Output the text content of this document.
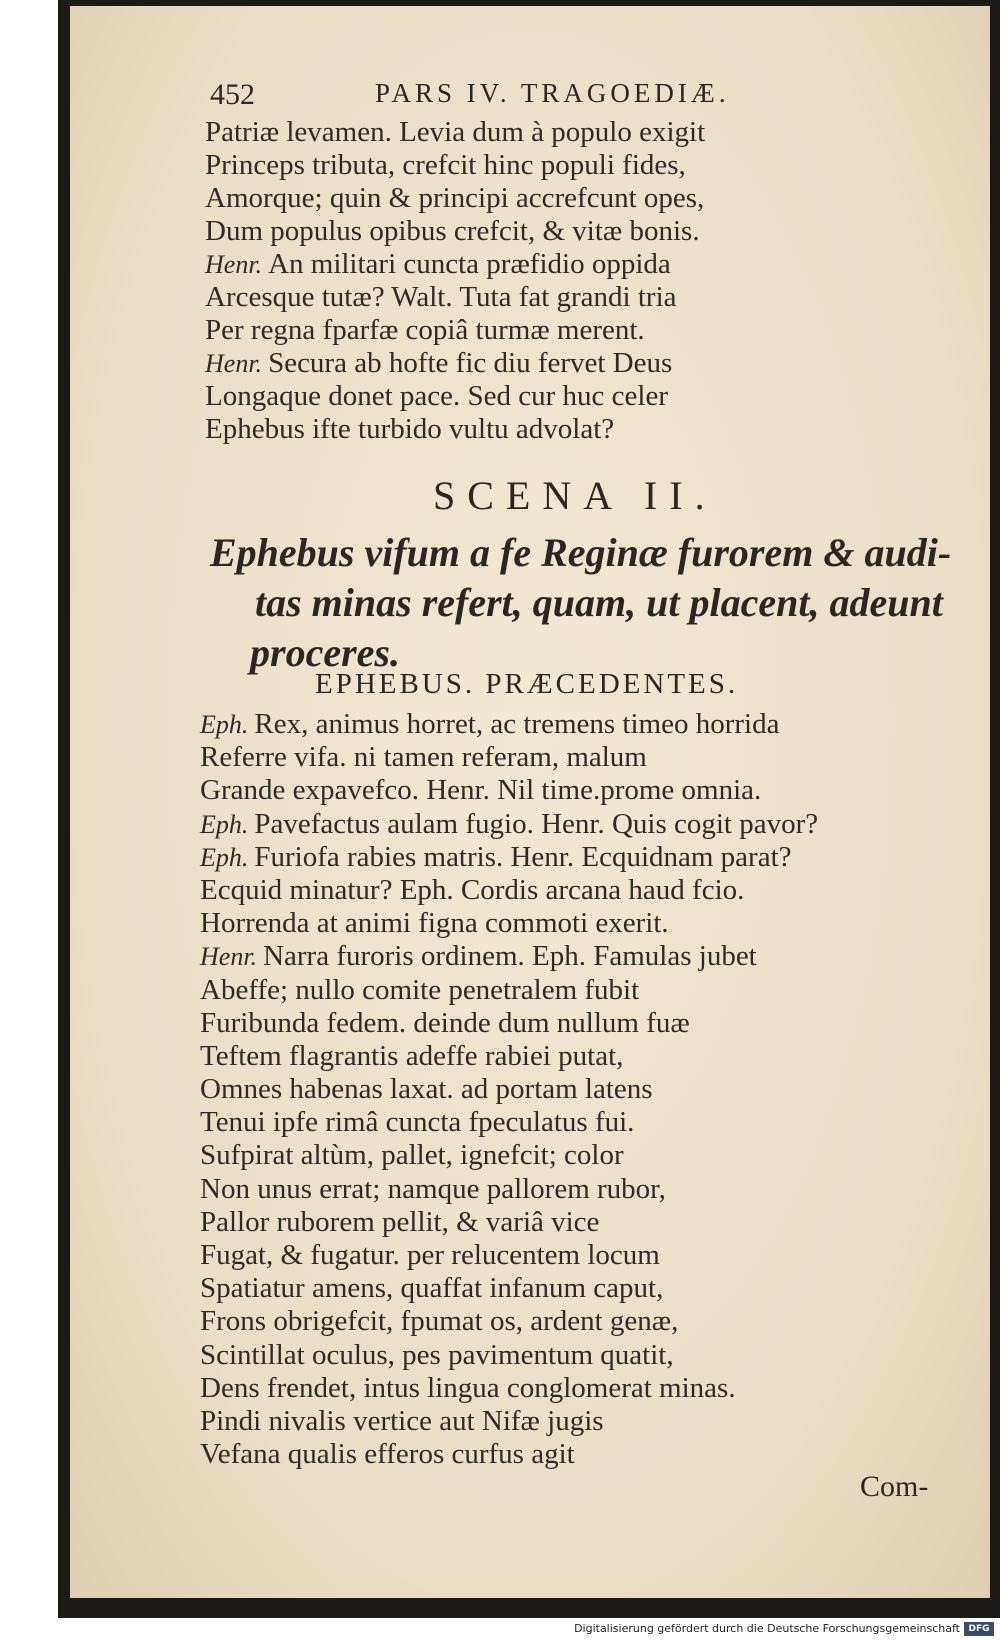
452	PARS IV. TRAGOEDIÆ.
Patriæ levamen. Levia dum à populo exigit
Princeps tributa, crefcit hinc populi fides,
Amorque; quin & principi accrefcunt opes,
Dum populus opibus crefcit, & vitæ bonis.
Henr. An militari cuncta præfidio oppida
Arcesque tutæ? Walt. Tuta fat grandi tria
Per regna fparfæ copiâ turmæ merent.
Henr. Secura ab hofte fic diu fervet Deus
Longaque donet pace. Sed cur huc celer
Ephebus ifte turbido vultu advolat?
SCENA II.
Ephebus vifum a fe Reginæ furorem & audi-
tas minas refert, quam, ut placent, adeunt
proceres.
EPHEBUS. PRÆCEDENTES.
Eph. Rex, animus horret, ac tremens timeo horrida
Referre vifa. ni tamen referam, malum
Grande expavefco. Henr. Nil time.prome omnia.
Eph. Pavefactus aulam fugio. Henr. Quis cogit pavor?
Eph. Furiofa rabies matris. Henr. Ecquidnam parat?
Ecquid minatur? Eph. Cordis arcana haud fcio.
Horrenda at animi figna commoti exerit.
Henr. Narra furoris ordinem. Eph. Famulas jubet
Abeffe; nullo comite penetralem fubit
Furibunda fedem. deinde dum nullum fuæ
Teftem flagrantis adeffe rabiei putat,
Omnes habenas laxat. ad portam latens
Tenui ipfe rimâ cuncta fpeculatus fui.
Sufpirat altùm, pallet, ignefcit; color
Non unus errat; namque pallorem rubor,
Pallor ruborem pellit, & variâ vice
Fugat, & fugatur. per relucentem locum
Spatiatur amens, quaffat infanum caput,
Frons obrigefcit, fpumat os, ardent genæ,
Scintillat oculus, pes pavimentum quatit,
Dens frendet, intus lingua conglomerat minas.
Pindi nivalis vertice aut Nifæ jugis
Vefana qualis efferos curfus agit
Com-
Digitalisierung gefördert durch die Deutsche Forschungsgemeinschaft DFG
